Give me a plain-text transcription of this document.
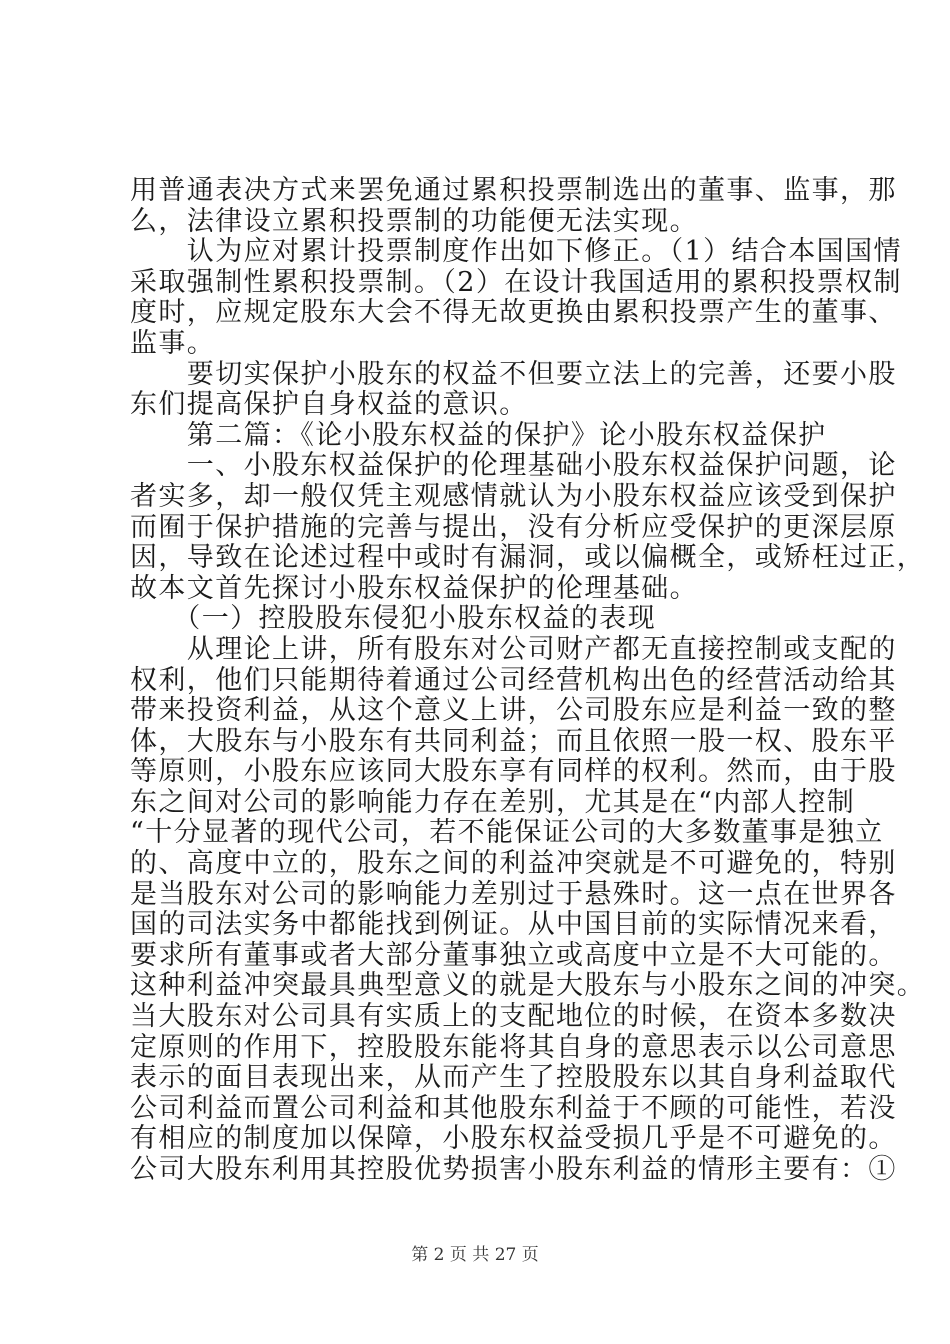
用普通表决方式来罢免通过累积投票制选出的董事、监事，那
么，法律设立累积投票制的功能便无法实现。
　　认为应对累计投票制度作出如下修正。（1）结合本国国情
采取强制性累积投票制。（2）在设计我国适用的累积投票权制
度时，应规定股东大会不得无故更换由累积投票产生的董事、
监事。
　　要切实保护小股东的权益不但要立法上的完善，还要小股
东们提高保护自身权益的意识。
　　第二篇：《论小股东权益的保护》论小股东权益保护
　　一、小股东权益保护的伦理基础小股东权益保护问题，论
者实多，却一般仅凭主观感情就认为小股东权益应该受到保护
而囿于保护措施的完善与提出，没有分析应受保护的更深层原
因，导致在论述过程中或时有漏洞，或以偏概全，或矫枉过正，
故本文首先探讨小股东权益保护的伦理基础。
　　（一）控股股东侵犯小股东权益的表现
　　从理论上讲，所有股东对公司财产都无直接控制或支配的
权利，他们只能期待着通过公司经营机构出色的经营活动给其
带来投资利益，从这个意义上讲，公司股东应是利益一致的整
体，大股东与小股东有共同利益；而且依照一股一权、股东平
等原则，小股东应该同大股东享有同样的权利。然而，由于股
东之间对公司的影响能力存在差别，尤其是在“内部人控制
“十分显著的现代公司，若不能保证公司的大多数董事是独立
的、高度中立的，股东之间的利益冲突就是不可避免的，特别
是当股东对公司的影响能力差别过于悬殊时。这一点在世界各
国的司法实务中都能找到例证。从中国目前的实际情况来看，
要求所有董事或者大部分董事独立或高度中立是不大可能的。
这种利益冲突最具典型意义的就是大股东与小股东之间的冲突。
当大股东对公司具有实质上的支配地位的时候，在资本多数决
定原则的作用下，控股股东能将其自身的意思表示以公司意思
表示的面目表现出来，从而产生了控股股东以其自身利益取代
公司利益而置公司利益和其他股东利益于不顾的可能性，若没
有相应的制度加以保障，小股东权益受损几乎是不可避免的。
公司大股东利用其控股优势损害小股东利益的情形主要有：①
第 2 页 共 27 页
